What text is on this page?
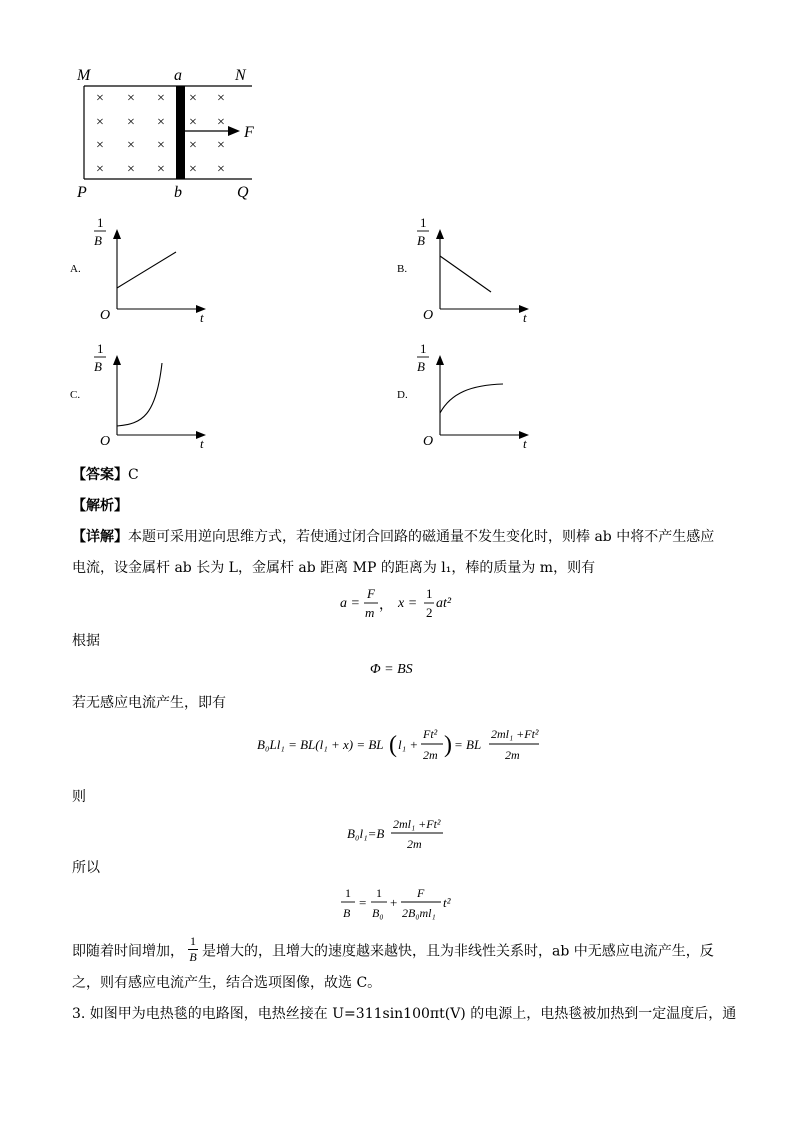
× × × × ×
× × × × ×
× × × × ×
× × × × ×
M	a	N
P	b	Q
F
A.
1
B
O	t
B.
1
B
O	t
C.
1
B
O	t
D.
1
B
O	t
【答案】C
【解析】
【详解】本题可采用逆向思维方式，若使通过闭合回路的磁通量不发生变化时，则棒 ab 中将不产生感应
电流，设金属杆 ab 长为 L，金属杆 ab 距离 MP 的距离为 l₁，棒的质量为 m，则有
a =
F
m ， x =
1
2
at²
根据
Φ = BS
若无感应电流产生，即有
B₀Ll₁ = BL(l₁ + x) = BL ( l₁ +
Ft²
2m ) = BL
2ml₁ +Ft²
2m
则
B₀l₁=B
2ml₁ +Ft²
2m
所以
1
B
=
1
B₀
+
F
2B₀ml₁
t²
即随着时间增加， $\frac{1}{B}$ 是增大的，且增大的速度越来越快，且为非线性关系时，ab 中无感应电流产生，反
之，则有感应电流产生，结合选项图像，故选 C。
3. 如图甲为电热毯的电路图，电热丝接在 U=311sin100πt(V) 的电源上，电热毯被加热到一定温度后，通
